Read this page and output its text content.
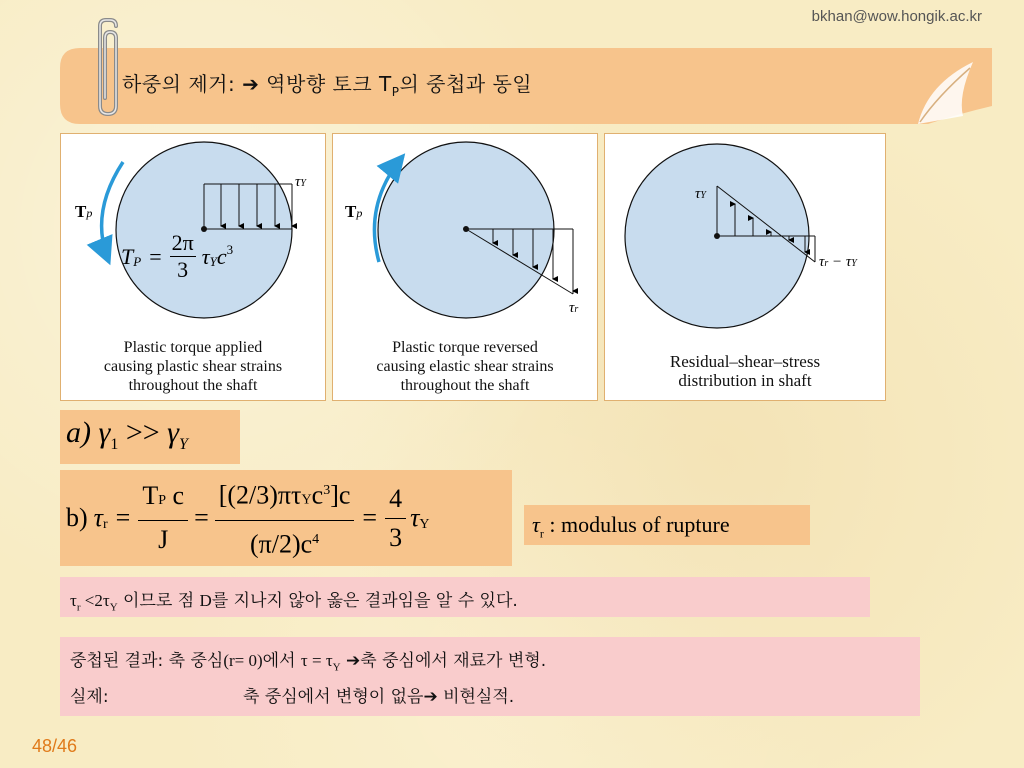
bkhan@wow.hongik.ac.kr
하중의 제거: ➔ 역방향 토크 $T_P$의 중첩과 동일
Tp
τY
T $P = \frac{2\pi}{3}$ τ Y c 3
Plastic torque applied
causing plastic shear strains
throughout the shaft
Tp
τr
Plastic torque reversed
causing elastic shear strains
throughout the shaft
τY
τr − τY
Residual–shear–stress
distribution in shaft
a) $\gamma_1 >> \gamma_Y$
b) τ $r = \frac{\text{TP c}}{J}$ =
[(2/3)πτYc$^3$]c
$(\pi/2)c^4$
= $\frac{4}{3}$ τ Y	$\tau_r$ : modulus of rupture
$\tau_r <2\tau_Y$ 이므로 점 D를 지나지 않아 옳은 결과임을 알 수 있다.
중첩된 결과: 축 중심(r= 0)에서 $\tau = \tau_Y$ ➔축 중심에서 재료가 변형.
실제:	축 중심에서 변형이 없음➔ 비현실적.
48/46
